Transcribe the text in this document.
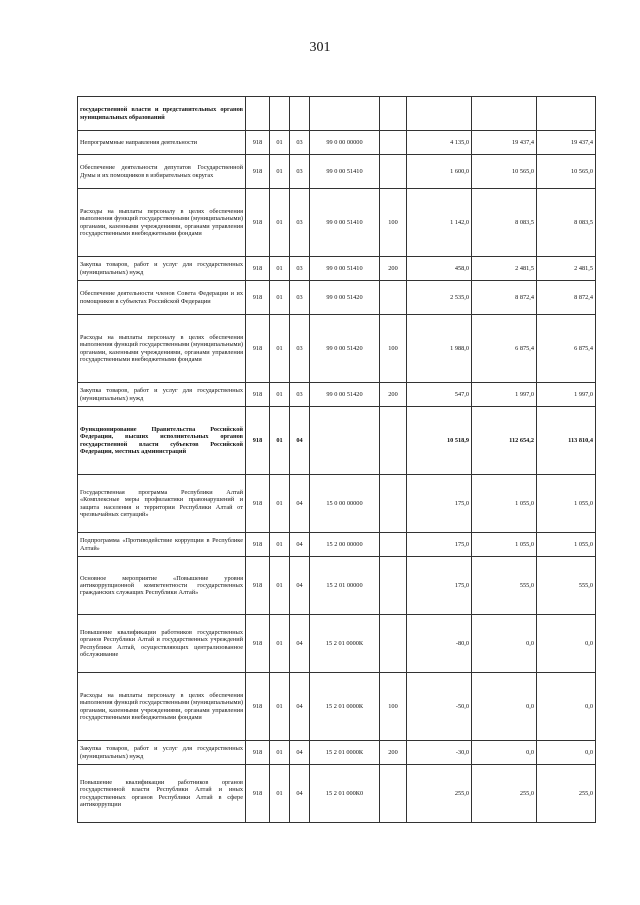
301
государственной власти и представительных органов муниципальных образований								
Непрограммные направления деятельности	918	01	03	99 0 00 00000		4 135,0	19 437,4	19 437,4
Обеспечение деятельности депутатов Государственной Думы и их помощников в избирательных округах	918	01	03	99 0 00 51410		1 600,0	10 565,0	10 565,0
Расходы на выплаты персоналу в целях обеспечения выполнения функций государственными (муниципальными) органами, казенными учреждениями, органами управления государственными внебюджетными фондами	918	01	03	99 0 00 51410	100	1 142,0	8 083,5	8 083,5
Закупка товаров, работ и услуг для государственных (муниципальных) нужд	918	01	03	99 0 00 51410	200	458,0	2 481,5	2 481,5
Обеспечение деятельности членов Совета Федерации и их помощников в субъектах Российской Федерации	918	01	03	99 0 00 51420		2 535,0	8 872,4	8 872,4
Расходы на выплаты персоналу в целях обеспечения выполнения функций государственными (муниципальными) органами, казенными учреждениями, органами управления государственными внебюджетными фондами	918	01	03	99 0 00 51420	100	1 988,0	6 875,4	6 875,4
Закупка товаров, работ и услуг для государственных (муниципальных) нужд	918	01	03	99 0 00 51420	200	547,0	1 997,0	1 997,0
Функционирование Правительства Российской Федерации, высших исполнительных органов государственной власти субъектов Российской Федерации, местных администраций	918	01	04			10 518,9	112 654,2	113 810,4
Государственная программа Республики Алтай «Комплексные меры профилактики правонарушений и защита населения и территории Республики Алтай от чрезвычайных ситуаций»	918	01	04	15 0 00 00000		175,0	1 055,0	1 055,0
Подпрограмма «Противодействие коррупции в Республике Алтай»	918	01	04	15 2 00 00000		175,0	1 055,0	1 055,0
Основное мероприятие «Повышение уровня антикоррупционной компетентности государственных гражданских служащих Республики Алтай»	918	01	04	15 2 01 00000		175,0	555,0	555,0
Повышение квалификации работников государственных органов Республики Алтай и государственных учреждений Республики Алтай, осуществляющих централизованное обслуживание	918	01	04	15 2 01 0000К		-80,0	0,0	0,0
Расходы на выплаты персоналу в целях обеспечения выполнения функций государственными (муниципальными) органами, казенными учреждениями, органами управления государственными внебюджетными фондами	918	01	04	15 2 01 0000К	100	-50,0	0,0	0,0
Закупка товаров, работ и услуг для государственных (муниципальных) нужд	918	01	04	15 2 01 0000К	200	-30,0	0,0	0,0
Повышение квалификации работников органов государственной власти Республики Алтай и иных государственных органов Республики Алтай в сфере антикоррупции	918	01	04	15 2 01 000К0		255,0	255,0	255,0
